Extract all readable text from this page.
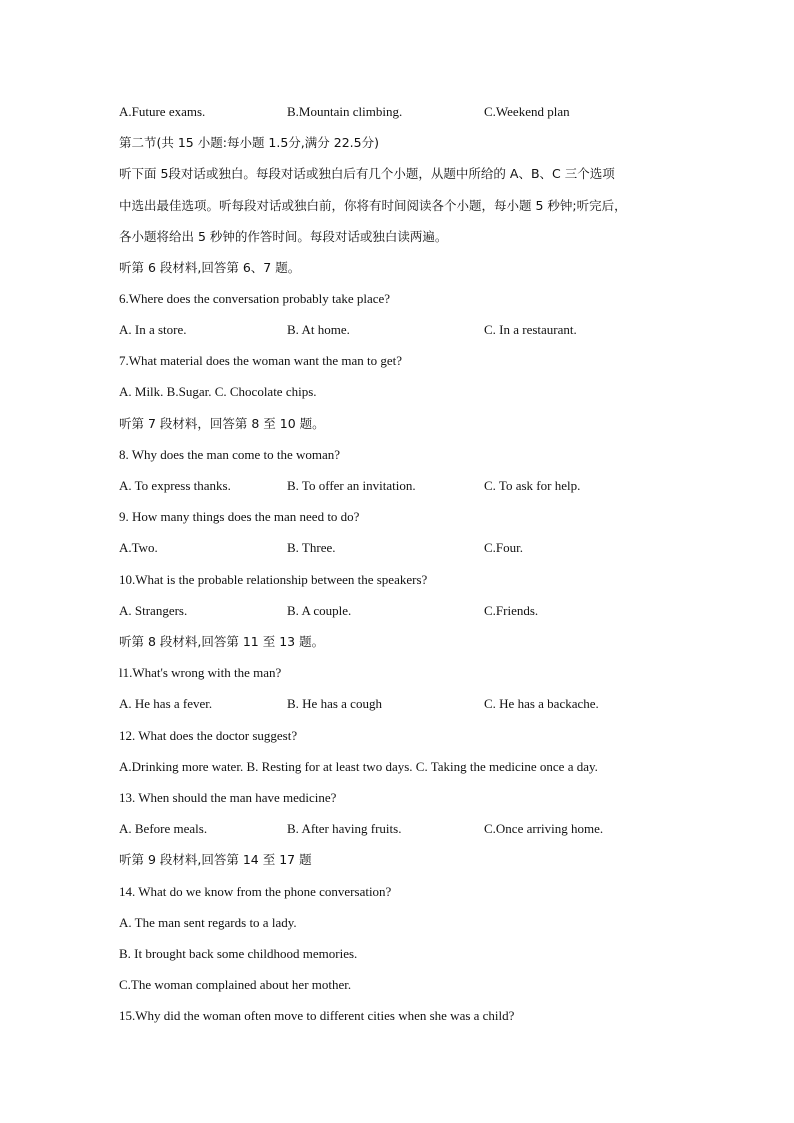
A.Future exams.	B.Mountain climbing.	C.Weekend plan
第二节(共 15 小题:每小题 1.5分,满分 22.5分)
听下面 5段对话或独白。每段对话或独白后有几个小题，从题中所给的 A、B、C 三个选项
中选出最佳选项。听每段对话或独白前，你将有时间阅读各个小题，每小题 5 秒钟;听完后，
各小题将给出 5 秒钟的作答时间。每段对话或独白读两遍。
听第 6 段材料,回答第 6、7 题。
6.Where does the conversation probably take place?
A. In a store.	B. At home.	C. In a restaurant.
7.What material does the woman want the man to get?
A. Milk. B.Sugar. C. Chocolate chips.
听第 7 段材料，回答第 8 至 10 题。
8. Why does the man come to the woman?
A. To express thanks.	B. To offer an invitation.	C. To ask for help.
9. How many things does the man need to do?
A.Two.	B. Three.	C.Four.
10.What is the probable relationship between the speakers?
A. Strangers.	B. A couple.	C.Friends.
听第 8 段材料,回答第 11 至 13 题。
l1.What's wrong with the man?
A. He has a fever.	B. He has a cough	C. He has a backache.
12. What does the doctor suggest?
A.Drinking more water. B. Resting for at least two days. C. Taking the medicine once a day.
13. When should the man have medicine?
A. Before meals.	B. After having fruits.	C.Once arriving home.
听第 9 段材料,回答第 14 至 17 题
14. What do we know from the phone conversation?
A. The man sent regards to a lady.
B. It brought back some childhood memories.
C.The woman complained about her mother.
15.Why did the woman often move to different cities when she was a child?
